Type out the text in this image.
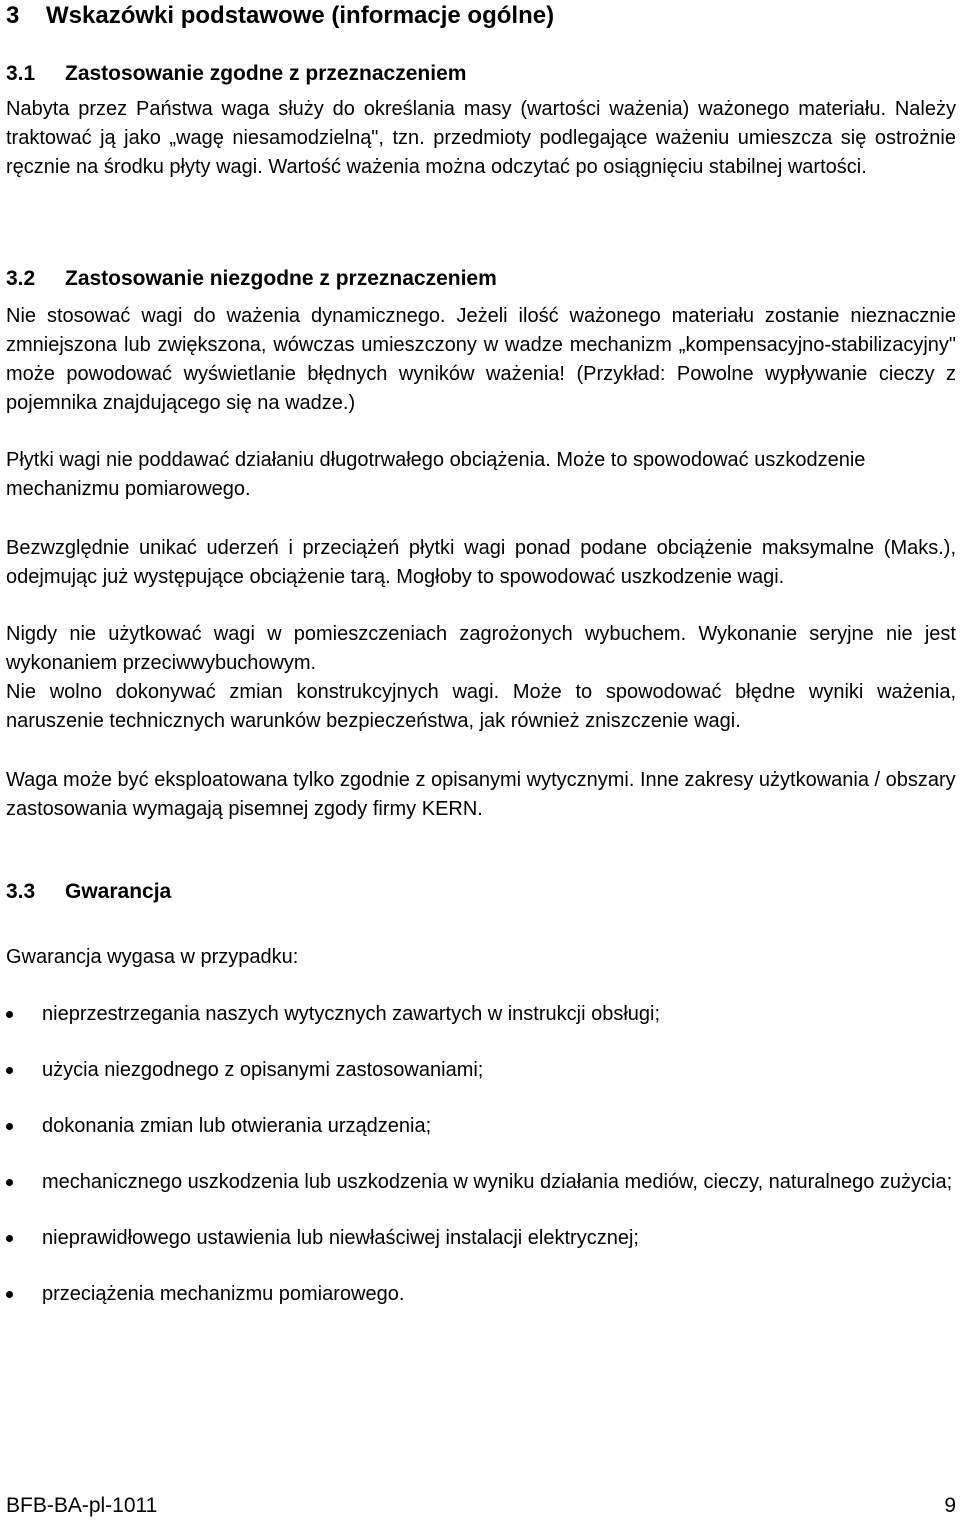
3 Wskazówki podstawowe (informacje ogólne)
3.1 Zastosowanie zgodne z przeznaczeniem
Nabyta przez Państwa waga służy do określania masy (wartości ważenia) ważonego materiału. Należy traktować ją jako „wagę niesamodzielną", tzn. przedmioty podlegające ważeniu umieszcza się ostrożnie ręcznie na środku płyty wagi. Wartość ważenia można odczytać po osiągnięciu stabilnej wartości.
3.2 Zastosowanie niezgodne z przeznaczeniem
Nie stosować wagi do ważenia dynamicznego. Jeżeli ilość ważonego materiału zostanie nieznacznie zmniejszona lub zwiększona, wówczas umieszczony w wadze mechanizm „kompensacyjno-stabilizacyjny" może powodować wyświetlanie błędnych wyników ważenia! (Przykład: Powolne wypływanie cieczy z pojemnika znajdującego się na wadze.)
Płytki wagi nie poddawać działaniu długotrwałego obciążenia. Może to spowodować uszkodzenie mechanizmu pomiarowego.
Bezwzględnie unikać uderzeń i przeciążeń płytki wagi ponad podane obciążenie maksymalne (Maks.), odejmując już występujące obciążenie tarą. Mogłoby to spowodować uszkodzenie wagi.
Nigdy nie użytkować wagi w pomieszczeniach zagrożonych wybuchem. Wykonanie seryjne nie jest wykonaniem przeciwwybuchowym.
Nie wolno dokonywać zmian konstrukcyjnych wagi. Może to spowodować błędne wyniki ważenia, naruszenie technicznych warunków bezpieczeństwa, jak również zniszczenie wagi.
Waga może być eksploatowana tylko zgodnie z opisanymi wytycznymi. Inne zakresy użytkowania / obszary zastosowania wymagają pisemnej zgody firmy KERN.
3.3 Gwarancja
Gwarancja wygasa w przypadku:
nieprzestrzegania naszych wytycznych zawartych w instrukcji obsługi;
użycia niezgodnego z opisanymi zastosowaniami;
dokonania zmian lub otwierania urządzenia;
mechanicznego uszkodzenia lub uszkodzenia w wyniku działania mediów, cieczy, naturalnego zużycia;
nieprawidłowego ustawienia lub niewłaściwej instalacji elektrycznej;
przeciążenia mechanizmu pomiarowego.
BFB-BA-pl-1011	9
